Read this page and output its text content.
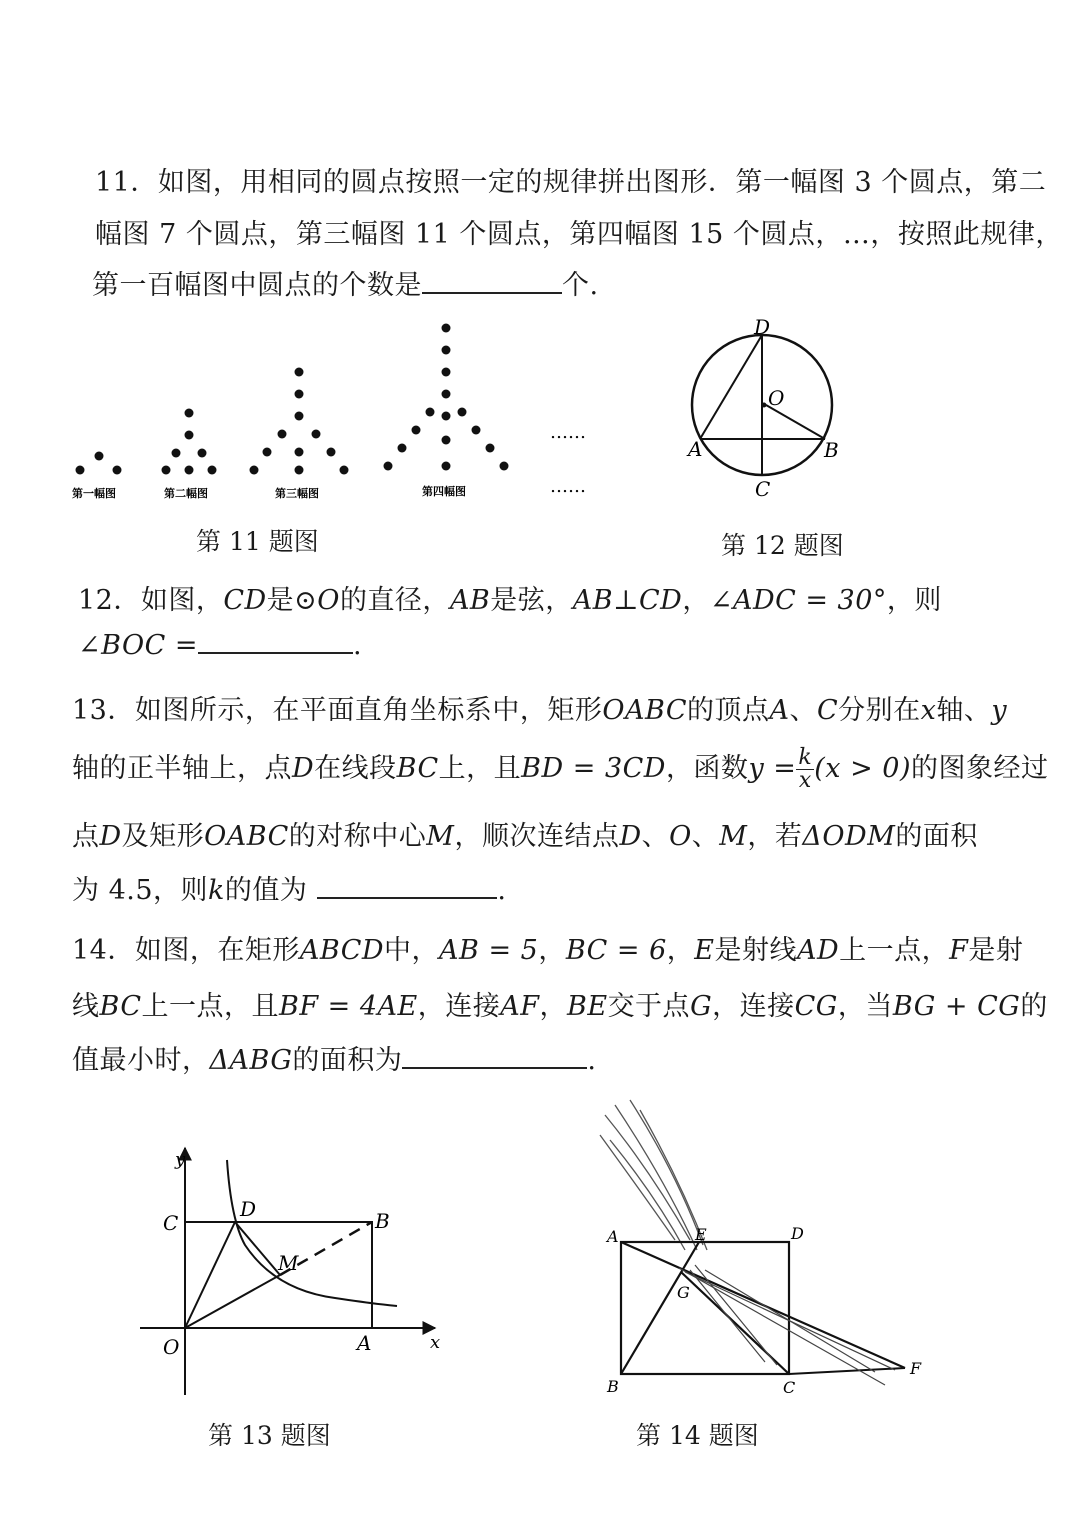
11．如图，用相同的圆点按照一定的规律拼出图形．第一幅图 3 个圆点，第二
幅图 7 个圆点，第三幅图 11 个圆点，第四幅图 15 个圆点，…，按照此规律，
第一百幅图中圆点的个数是	个.
第一幅图	第二幅图	第三幅图	第四幅图
……
……
第 11 题图
D
O
A	B
C
第 12 题图
12．如图，CD是⊙O的直径，AB是弦，AB⊥CD，∠ADC = 30°，则
∠BOC =	.
13．如图所示，在平面直角坐标系中，矩形OABC的顶点A、C分别在x轴、y
轴的正半轴上，点D在线段BC上，且BD = 3CD，函数$y = \frac{k}{x} (x > 0)$的图象经过
点D及矩形OABC的对称中心M，顺次连结点D、O、M，若ΔODM的面积
为 4.5，则k的值为	.
14．如图，在矩形ABCD中，AB = 5，BC = 6，E是射线AD上一点，F是射
线BC上一点，且BF = 4AE，连接AF，BE交于点G，连接CG，当BG + CG的
值最小时，ΔABG的面积为	.
y
C
D	B
M
O	A	x
第 13 题图
A	E	D
G
B	C
F
第 14 题图
